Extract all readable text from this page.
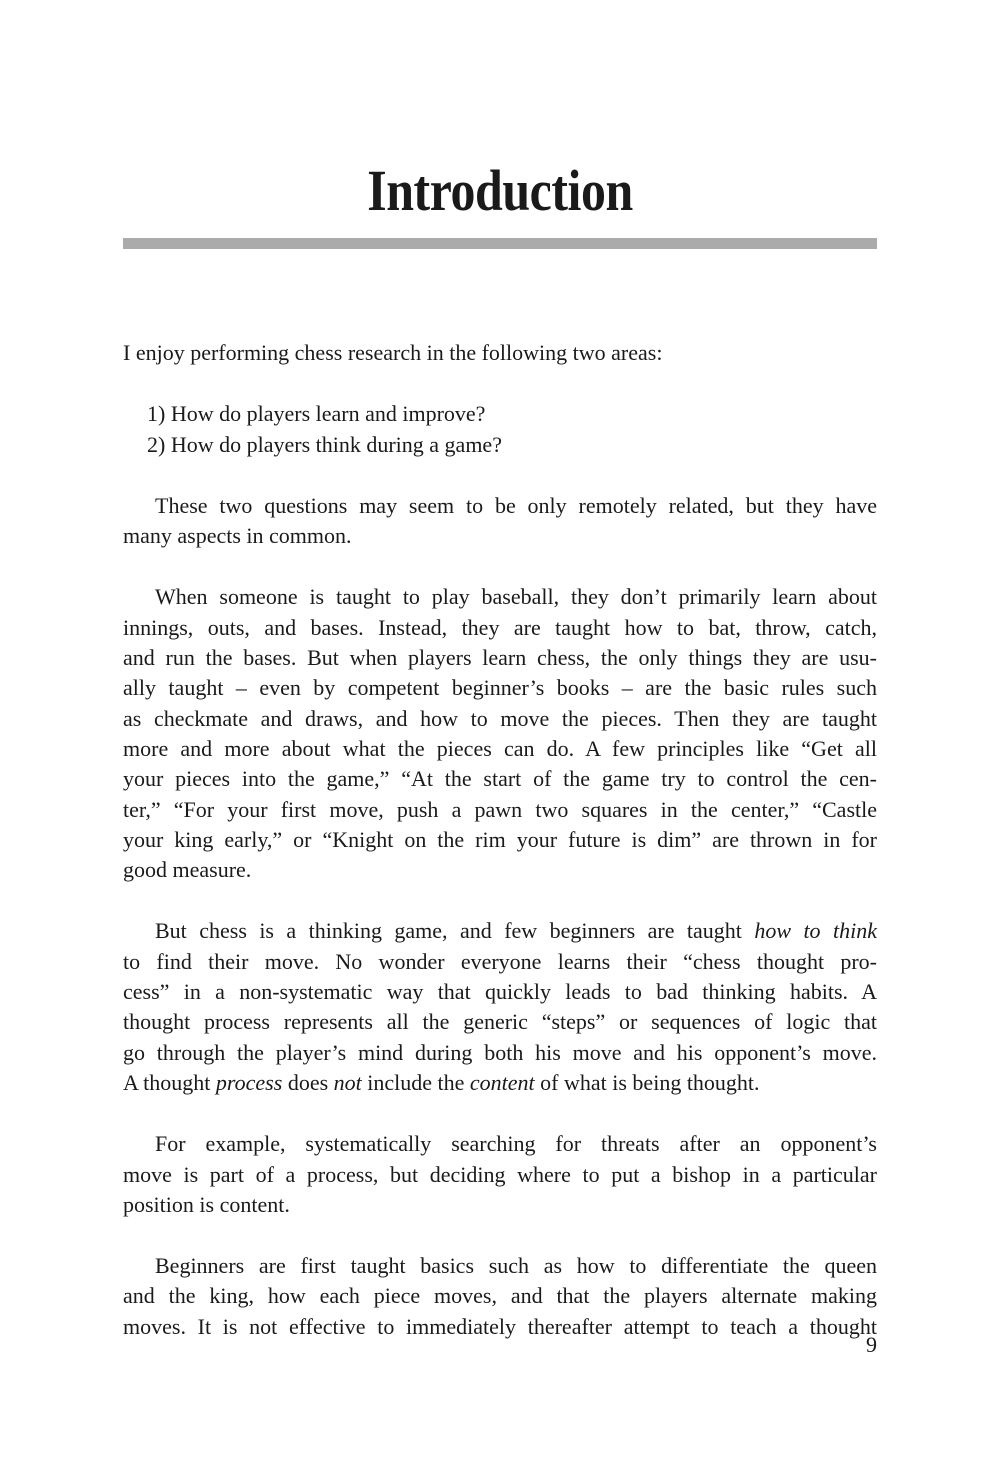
Introduction

I enjoy performing chess research in the following two areas:

1) How do players learn and improve?

2) How do players think during a game?

These two questions may seem to be only remotely related, but they have
many aspects in common.
When someone is taught to play baseball, they don’t primarily learn about
innings, outs, and bases. Instead, they are taught how to bat, throw, catch,
and run the bases. But when players learn chess, the only things they are usu-
ally taught – even by competent beginner’s books – are the basic rules such
as checkmate and draws, and how to move the pieces. Then they are taught
more and more about what the pieces can do. A few principles like “Get all
your pieces into the game,” “At the start of the game try to control the cen-
ter,” “For your first move, push a pawn two squares in the center,” “Castle
your king early,” or “Knight on the rim your future is dim” are thrown in for
good measure.
But chess is a thinking game, and few beginners are taught how to think
to find their move. No wonder everyone learns their “chess thought pro-
cess” in a non-systematic way that quickly leads to bad thinking habits. A
thought process represents all the generic “steps” or sequences of logic that
go through the player’s mind during both his move and his opponent’s move.
A thought process does not include the content of what is being thought.
For example, systematically searching for threats after an opponent’s
move is part of a process, but deciding where to put a bishop in a particular
position is content.
Beginners are first taught basics such as how to differentiate the queen
and the king, how each piece moves, and that the players alternate making
moves. It is not effective to immediately thereafter attempt to teach a thought
9
